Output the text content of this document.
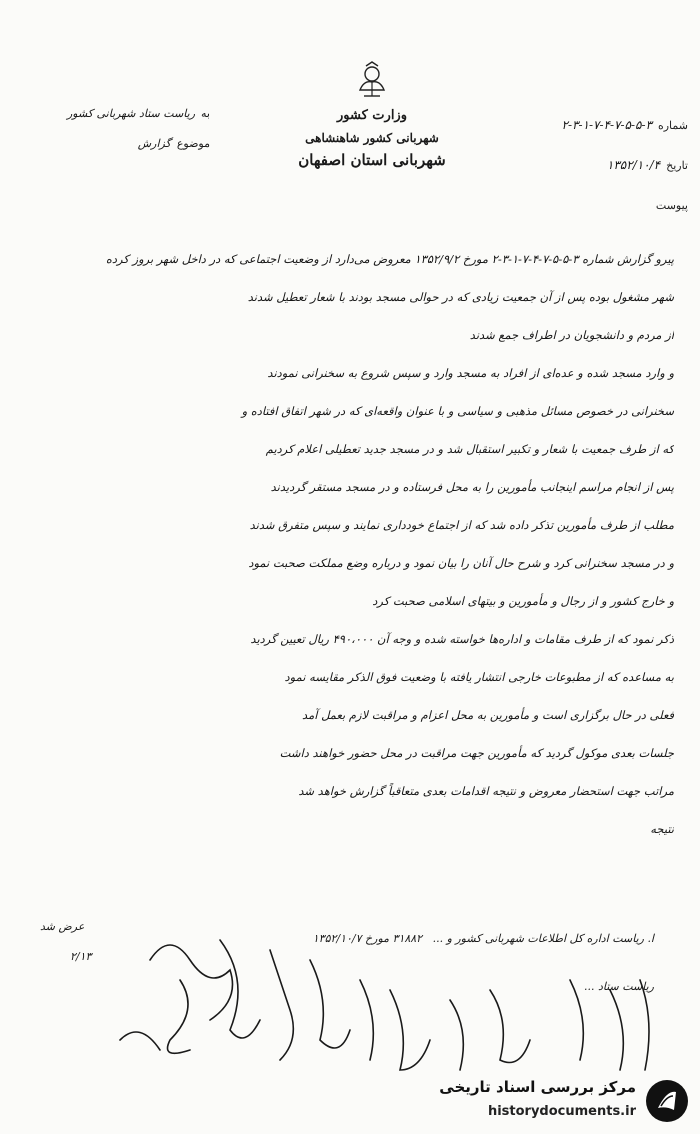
شماره
۲-۳-۱-۷-۴-۷-۵-۵-۳
تاریخ
۱۳۵۲/۱۰/۴
پیوست
وزارت کشور
شهربانی کشور شاهنشاهی
شهربانی استان اصفهان
به
ریاست ستاد شهربانی کشور
موضوع
گزارش
پیرو گزارش شماره ۳-۵-۵-۷-۴-۷-۱-۳-۲ مورخ ۱۳۵۲/۹/۲ معروض می‌دارد از وضعیت اجتماعی که در داخل شهر بروز کرده
شهر مشغول بوده پس از آن جمعیت زیادی که در حوالی مسجد بودند با شعار تعطیل شدند
از مردم و دانشجویان در اطراف جمع شدند
و وارد مسجد شده و عده‌ای از افراد به مسجد وارد و سپس شروع به سخنرانی نمودند
سخنرانی در خصوص مسائل مذهبی و سیاسی و با عنوان واقعه‌ای که در شهر اتفاق افتاده و
که از طرف جمعیت با شعار و تکبیر استقبال شد و در مسجد جدید تعطیلی اعلام کردیم
پس از انجام مراسم اینجانب مأمورین را به محل فرستاده و در مسجد مستقر گردیدند
مطلب از طرف مأمورین تذکر داده شد که از اجتماع خودداری نمایند و سپس متفرق شدند
و در مسجد سخنرانی کرد و شرح حال آنان را بیان نمود و درباره وضع مملکت صحبت نمود
و خارج کشور و از رجال و مأمورین و بیتهای اسلامی صحبت کرد
ذکر نمود که از طرف مقامات و اداره‌ها خواسته شده و وجه آن ۴۹۰،۰۰۰ ریال تعیین گردید
به مساعده که از مطبوعات خارجی انتشار یافته با وضعیت فوق الذکر مقایسه نمود
فعلی در حال برگزاری است و مأمورین به محل اعزام و مراقبت لازم بعمل آمد
جلسات بعدی موکول گردید که مأمورین جهت مراقبت در محل حضور خواهند داشت
مراتب جهت استحضار معروض و نتیجه اقدامات بعدی متعاقباً گزارش خواهد شد
نتیجه
عرض شد
۲/۱۳
ا. ریاست اداره کل اطلاعات شهربانی کشور و ...   ۳۱۸۸۲ مورخ ۱۳۵۲/۱۰/۷
ریاست ستاد ...
مرکز بررسی اسناد تاریخی
historydocuments.ir
